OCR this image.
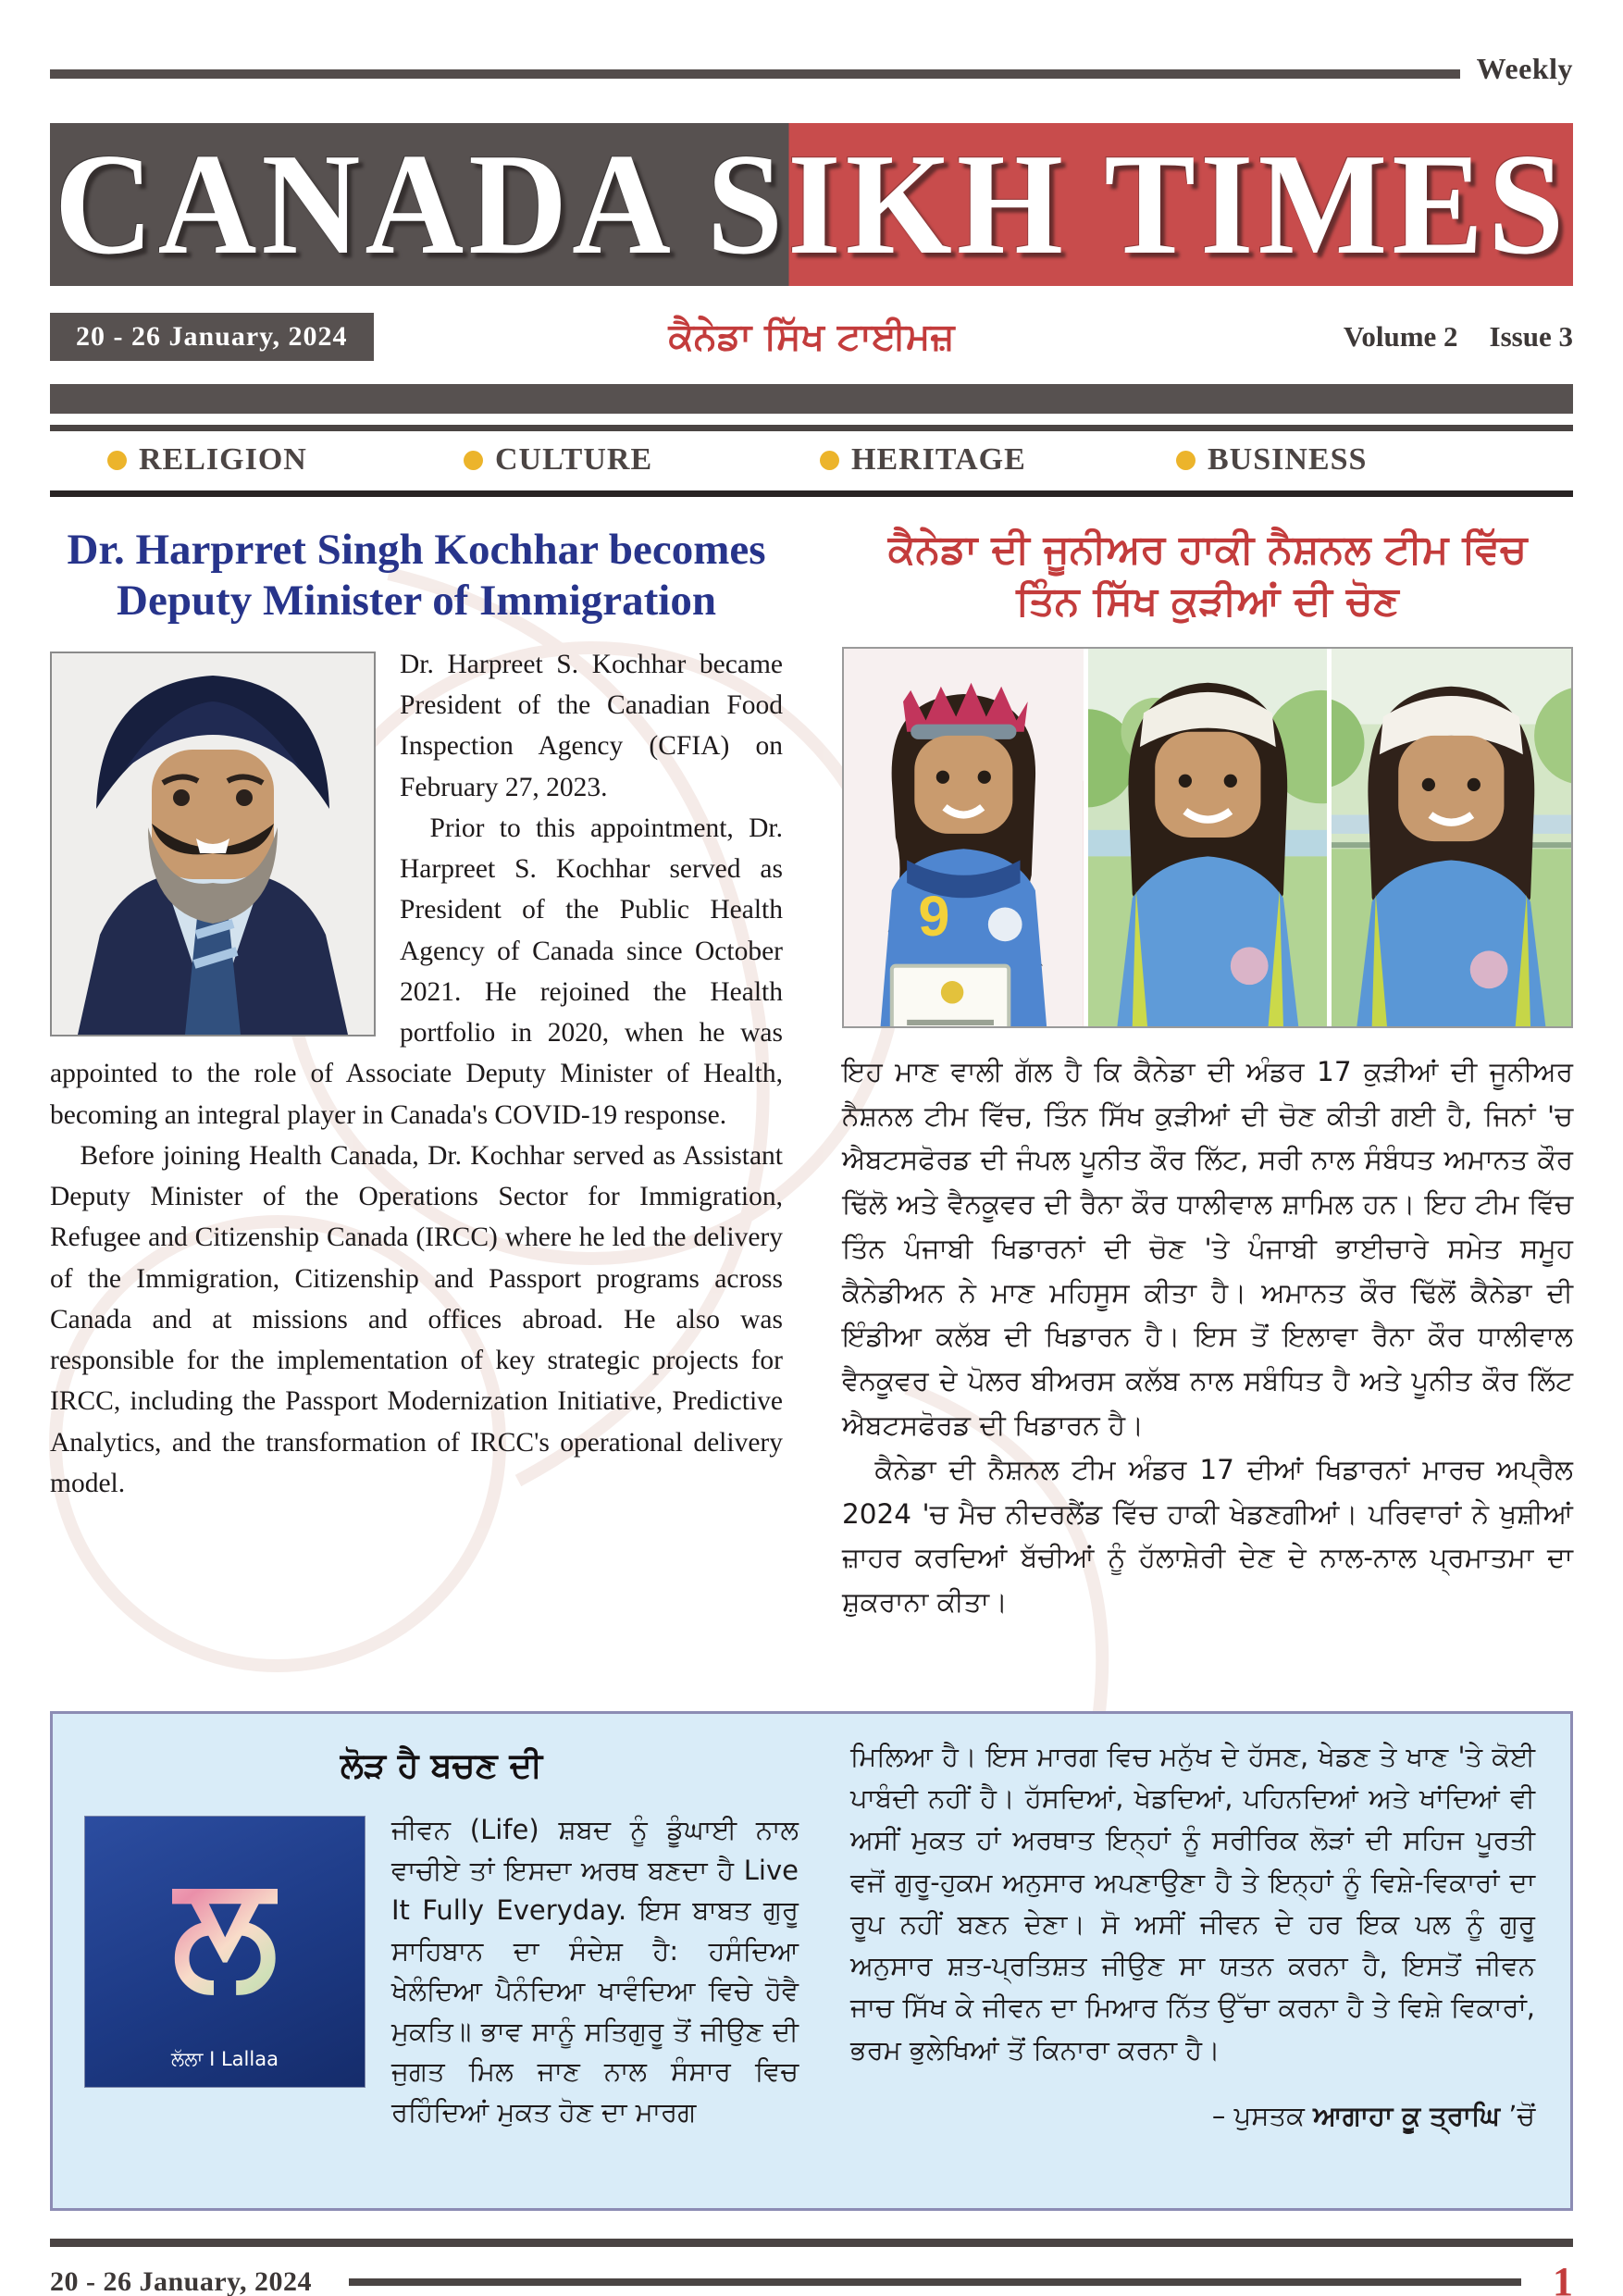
Weekly
CANADA SIKH TIMES
20 - 26 January, 2024	ਕੈਨੇਡਾ ਸਿੱਖ ਟਾਈਮਜ਼	Volume 2 Issue 3
RELIGION	CULTURE	HERITAGE	BUSINESS
Dr. Harprret Singh Kochhar becomes
Deputy Minister of Immigration

Dr. Harpreet S. Kochhar became President of the Canadian Food Inspection Agency (CFIA) on February 27, 2023.

Prior to this appointment, Dr. Harpreet S. Kochhar served as President of the Public Health Agency of Canada since October 2021. He rejoined the Health portfolio in 2020, when he was appointed to the role of Associate Deputy Minister of Health, becoming an integral player in Canada's COVID-19 response.

Before joining Health Canada, Dr. Kochhar served as Assistant Deputy Minister of the Operations Sector for Immigration, Refugee and Citizenship Canada (IRCC) where he led the delivery of the Immigration, Citizenship and Passport programs across Canada and at missions and offices abroad. He also was responsible for the implementation of key strategic projects for IRCC, including the Passport Modernization Initiative, Predictive Analytics, and the transformation of IRCC's operational delivery model.

ਕੈਨੇਡਾ ਦੀ ਜੂਨੀਅਰ ਹਾਕੀ ਨੈਸ਼ਨਲ ਟੀਮ ਵਿੱਚ
ਤਿੰਨ ਸਿੱਖ ਕੁੜੀਆਂ ਦੀ ਚੋਣ
9

ਇਹ ਮਾਣ ਵਾਲੀ ਗੱਲ ਹੈ ਕਿ ਕੈਨੇਡਾ ਦੀ ਅੰਡਰ 17 ਕੁੜੀਆਂ ਦੀ ਜੂਨੀਅਰ ਨੈਸ਼ਨਲ ਟੀਮ ਵਿੱਚ, ਤਿੰਨ ਸਿੱਖ ਕੁੜੀਆਂ ਦੀ ਚੋਣ ਕੀਤੀ ਗਈ ਹੈ, ਜਿਨਾਂ 'ਚ ਐਬਟਸਫੋਰਡ ਦੀ ਜੰਪਲ ਪੂਨੀਤ ਕੌਰ ਲਿੱਟ, ਸਰੀ ਨਾਲ ਸੰਬੰਧਤ ਅਮਾਨਤ ਕੌਰ ਢਿੱਲੋ ਅਤੇ ਵੈਨਕੂਵਰ ਦੀ ਰੈਨਾ ਕੌਰ ਧਾਲੀਵਾਲ ਸ਼ਾਮਿਲ ਹਨ। ਇਹ ਟੀਮ ਵਿੱਚ ਤਿੰਨ ਪੰਜਾਬੀ ਖਿਡਾਰਨਾਂ ਦੀ ਚੋਣ 'ਤੇ ਪੰਜਾਬੀ ਭਾਈਚਾਰੇ ਸਮੇਤ ਸਮੂਹ ਕੈਨੇਡੀਅਨ ਨੇ ਮਾਣ ਮਹਿਸੂਸ ਕੀਤਾ ਹੈ। ਅਮਾਨਤ ਕੌਰ ਢਿੱਲੋਂ ਕੈਨੇਡਾ ਦੀ ਇੰਡੀਆ ਕਲੱਬ ਦੀ ਖਿਡਾਰਨ ਹੈ। ਇਸ ਤੋਂ ਇਲਾਵਾ ਰੈਨਾ ਕੌਰ ਧਾਲੀਵਾਲ ਵੈਨਕੂਵਰ ਦੇ ਪੋਲਰ ਬੀਅਰਸ ਕਲੱਬ ਨਾਲ ਸਬੰਧਿਤ ਹੈ ਅਤੇ ਪੂਨੀਤ ਕੌਰ ਲਿੱਟ ਐਬਟਸਫੋਰਡ ਦੀ ਖਿਡਾਰਨ ਹੈ।

ਕੈਨੇਡਾ ਦੀ ਨੈਸ਼ਨਲ ਟੀਮ ਅੰਡਰ 17 ਦੀਆਂ ਖਿਡਾਰਨਾਂ ਮਾਰਚ ਅਪ੍ਰੈਲ 2024 'ਚ ਮੈਚ ਨੀਦਰਲੈਂਡ ਵਿੱਚ ਹਾਕੀ ਖੇਡਣਗੀਆਂ। ਪਰਿਵਾਰਾਂ ਨੇ ਖੁਸ਼ੀਆਂ ਜ਼ਾਹਰ ਕਰਦਿਆਂ ਬੱਚੀਆਂ ਨੂੰ ਹੱਲਾਸ਼ੇਰੀ ਦੇਣ ਦੇ ਨਾਲ-ਨਾਲ ਪ੍ਰਮਾਤਮਾ ਦਾ ਸ਼ੁਕਰਾਨਾ ਕੀਤਾ।

ਲੋੜ ਹੈ ਬਚਣ ਦੀ
ਲ
ਲੱਲਾ I Lallaa

ਜੀਵਨ (Life) ਸ਼ਬਦ ਨੂੰ ਡੂੰਘਾਈ ਨਾਲ ਵਾਚੀਏ ਤਾਂ ਇਸਦਾ ਅਰਥ ਬਣਦਾ ਹੈ Live It Fully Everyday. ਇਸ ਬਾਬਤ ਗੁਰੂ ਸਾਹਿਬਾਨ ਦਾ ਸੰਦੇਸ਼ ਹੈ: ਹਸੰਦਿਆ ਖੇਲੰਦਿਆ ਪੈਨੰਦਿਆ ਖਾਵੰਦਿਆ ਵਿਚੇ ਹੋਵੈ ਮੁਕਤਿ॥ ਭਾਵ ਸਾਨੂੰ ਸਤਿਗੁਰੂ ਤੋਂ ਜੀਉਣ ਦੀ ਜੁਗਤ ਮਿਲ ਜਾਣ ਨਾਲ ਸੰਸਾਰ ਵਿਚ ਰਹਿੰਦਿਆਂ ਮੁਕਤ ਹੋਣ ਦਾ ਮਾਰਗ

ਮਿਲਿਆ ਹੈ। ਇਸ ਮਾਰਗ ਵਿਚ ਮਨੁੱਖ ਦੇ ਹੱਸਣ, ਖੇਡਣ ਤੇ ਖਾਣ 'ਤੇ ਕੋਈ ਪਾਬੰਦੀ ਨਹੀਂ ਹੈ। ਹੱਸਦਿਆਂ, ਖੇਡਦਿਆਂ, ਪਹਿਨਦਿਆਂ ਅਤੇ ਖਾਂਦਿਆਂ ਵੀ ਅਸੀਂ ਮੁਕਤ ਹਾਂ ਅਰਥਾਤ ਇਨ੍ਹਾਂ ਨੂੰ ਸਰੀਰਿਕ ਲੋੜਾਂ ਦੀ ਸਹਿਜ ਪੂਰਤੀ ਵਜੋਂ ਗੁਰੂ-ਹੁਕਮ ਅਨੁਸਾਰ ਅਪਣਾਉਣਾ ਹੈ ਤੇ ਇਨ੍ਹਾਂ ਨੂੰ ਵਿਸ਼ੇ-ਵਿਕਾਰਾਂ ਦਾ ਰੂਪ ਨਹੀਂ ਬਣਨ ਦੇਣਾ। ਸੋ ਅਸੀਂ ਜੀਵਨ ਦੇ ਹਰ ਇਕ ਪਲ ਨੂੰ ਗੁਰੂ ਅਨੁਸਾਰ ਸ਼ਤ-ਪ੍ਰਤਿਸ਼ਤ ਜੀਉਣ ਸਾ ਯਤਨ ਕਰਨਾ ਹੈ, ਇਸਤੋਂ ਜੀਵਨ ਜਾਚ ਸਿੱਖ ਕੇ ਜੀਵਨ ਦਾ ਮਿਆਰ ਨਿੱਤ ਉੱਚਾ ਕਰਨਾ ਹੈ ਤੇ ਵਿਸ਼ੇ ਵਿਕਾਰਾਂ, ਭਰਮ ਭੁਲੇਖਿਆਂ ਤੋਂ ਕਿਨਾਰਾ ਕਰਨਾ ਹੈ।

– ਪੁਸਤਕ ਆਗਾਹਾ ਕੂ ਤ੍ਰਾਘਿ ’ਚੋਂ
20 - 26 January, 2024	1
